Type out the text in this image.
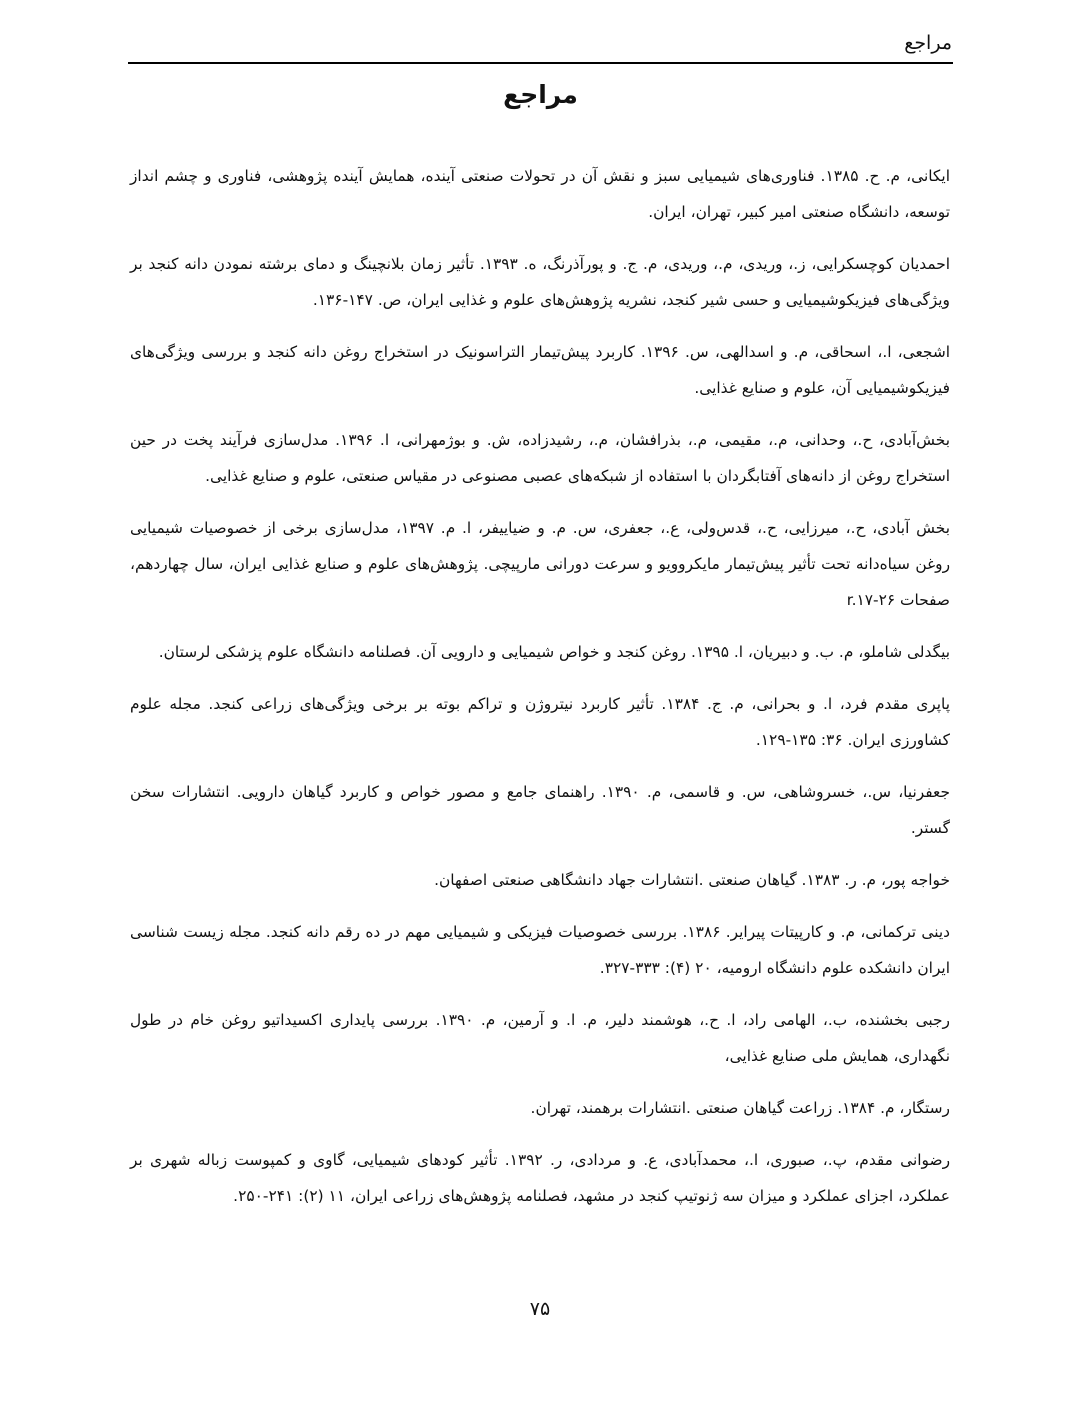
مراجع
مراجع
ایکانی، م. ح. ۱۳۸۵. فناوری‌های شیمیایی سبز و نقش آن در تحولات صنعتی آینده، همایش آینده پژوهشی، فناوری و چشم انداز توسعه، دانشگاه صنعتی امیر کبیر، تهران، ایران.
احمدیان کوچسکرایی، ز.، وریدی، م.، وریدی، م. ج. و پورآذرنگ، ه. ۱۳۹۳. تأثیر زمان بلانچینگ و دمای برشته نمودن دانه کنجد بر ویژگی‌های فیزیکوشیمیایی و حسی شیر کنجد، نشریه پژوهش‌های علوم و غذایی ایران، ص. ۱۴۷-۱۳۶.
اشجعی، ا.، اسحاقی، م. و اسدالهی، س. ۱۳۹۶. کاربرد پیش‌تیمار التراسونیک در استخراج روغن دانه کنجد و بررسی ویژگی‌های فیزیکوشیمیایی آن، علوم و صنایع غذایی.
بخش‌آبادی، ح.، وحدانی، م.، مقیمی، م.، بذرافشان، م.، رشیدزاده، ش. و بوژمهرانی، ا. ۱۳۹۶. مدل‌سازی فرآیند پخت در حین استخراج روغن از دانه‌های آفتابگردان با استفاده از شبکه‌های عصبی مصنوعی در مقیاس صنعتی، علوم و صنایع غذایی.
بخش آبادی، ح.، میرزایی، ح.، قدس‌ولی، ع.، جعفری، س. م. و ضیاییفر، ا. م. ۱۳۹۷، مدل‌سازی برخی از خصوصیات شیمیایی روغن سیاه‌دانه تحت تأثیر پیش‌تیمار مایکروویو و سرعت دورانی مارپیچی. پژوهش‌های علوم و صنایع غذایی ایران، سال چهاردهم، صفحات ۲۶-r.۱۷
بیگدلی شاملو، م. ب. و دبیریان، ا. ۱۳۹۵. روغن کنجد و خواص شیمیایی و دارویی آن. فصلنامه دانشگاه علوم پزشکی لرستان.
پاپری مقدم فرد، ا. و بحرانی، م. ج. ۱۳۸۴. تأثیر کاربرد نیتروژن و تراکم بوته بر برخی ویژگی‌های زراعی کنجد. مجله علوم کشاورزی ایران. ۳۶: ۱۳۵-۱۲۹.
جعفرنیا، س.، خسروشاهی، س. و قاسمی، م. ۱۳۹۰. راهنمای جامع و مصور خواص و کاربرد گیاهان دارویی. انتشارات سخن گستر.
خواجه پور، م. ر. ۱۳۸۳. گیاهان صنعتی .انتشارات جهاد دانشگاهی صنعتی اصفهان.
دینی ترکمانی، م. و کارپیتات پیرایر. ۱۳۸۶. بررسی خصوصیات فیزیکی و شیمیایی مهم در ده رقم دانه کنجد. مجله زیست شناسی ایران دانشکده علوم دانشگاه ارومیه، ۲۰ (۴): ۳۳۳-۳۲۷.
رجبی بخشنده، ب.، الهامی راد، ا. ح.، هوشمند دلیر، م. ا. و آرمین، م. ۱۳۹۰. بررسی پایداری اکسیداتیو روغن خام در طول نگهداری، همایش ملی صنایع غذایی،
رستگار، م. ۱۳۸۴. زراعت گیاهان صنعتی .انتشارات برهمند، تهران.
رضوانی مقدم، پ.، صبوری، ا.، محمدآبادی، ع. و مردادی، ر. ۱۳۹۲. تأثیر کودهای شیمیایی، گاوی و کمپوست زباله شهری بر عملکرد، اجزای عملکرد و میزان سه ژنوتیپ کنجد در مشهد، فصلنامه پژوهش‌های زراعی ایران، ۱۱ (۲): ۲۴۱-۲۵۰.
۷۵
